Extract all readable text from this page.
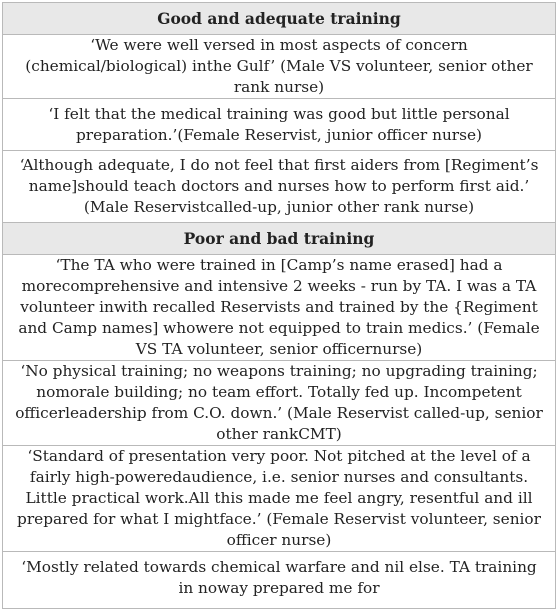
Good and adequate training
‘We were well versed in most aspects of concern (chemical/biological) inthe Gulf’ (Male VS volunteer, senior other rank nurse)
‘I felt that the medical training was good but little personal preparation.’(Female Reservist, junior officer nurse)
‘Although adequate, I do not feel that first aiders from [Regiment’s name]should teach doctors and nurses how to perform first aid.’ (Male Reservistcalled-up, junior other rank nurse)
Poor and bad training
‘The TA who were trained in [Camp’s name erased] had a morecomprehensive and intensive 2 weeks - run by TA. I was a TA volunteer inwith recalled Reservists and trained by the {Regiment and Camp names] whowere not equipped to train medics.’ (Female VS TA volunteer, senior officernurse)
‘No physical training; no weapons training; no upgrading training; nomorale building; no team effort. Totally fed up. Incompetent officerleadership from C.O. down.’ (Male Reservist called-up, senior other rankCMT)
‘Standard of presentation very poor. Not pitched at the level of a fairly high-poweredaudience, i.e. senior nurses and consultants. Little practical work.All this made me feel angry, resentful and ill prepared for what I mightface.’ (Female Reservist volunteer, senior officer nurse)
‘Mostly related towards chemical warfare and nil else. TA training in noway prepared me for
